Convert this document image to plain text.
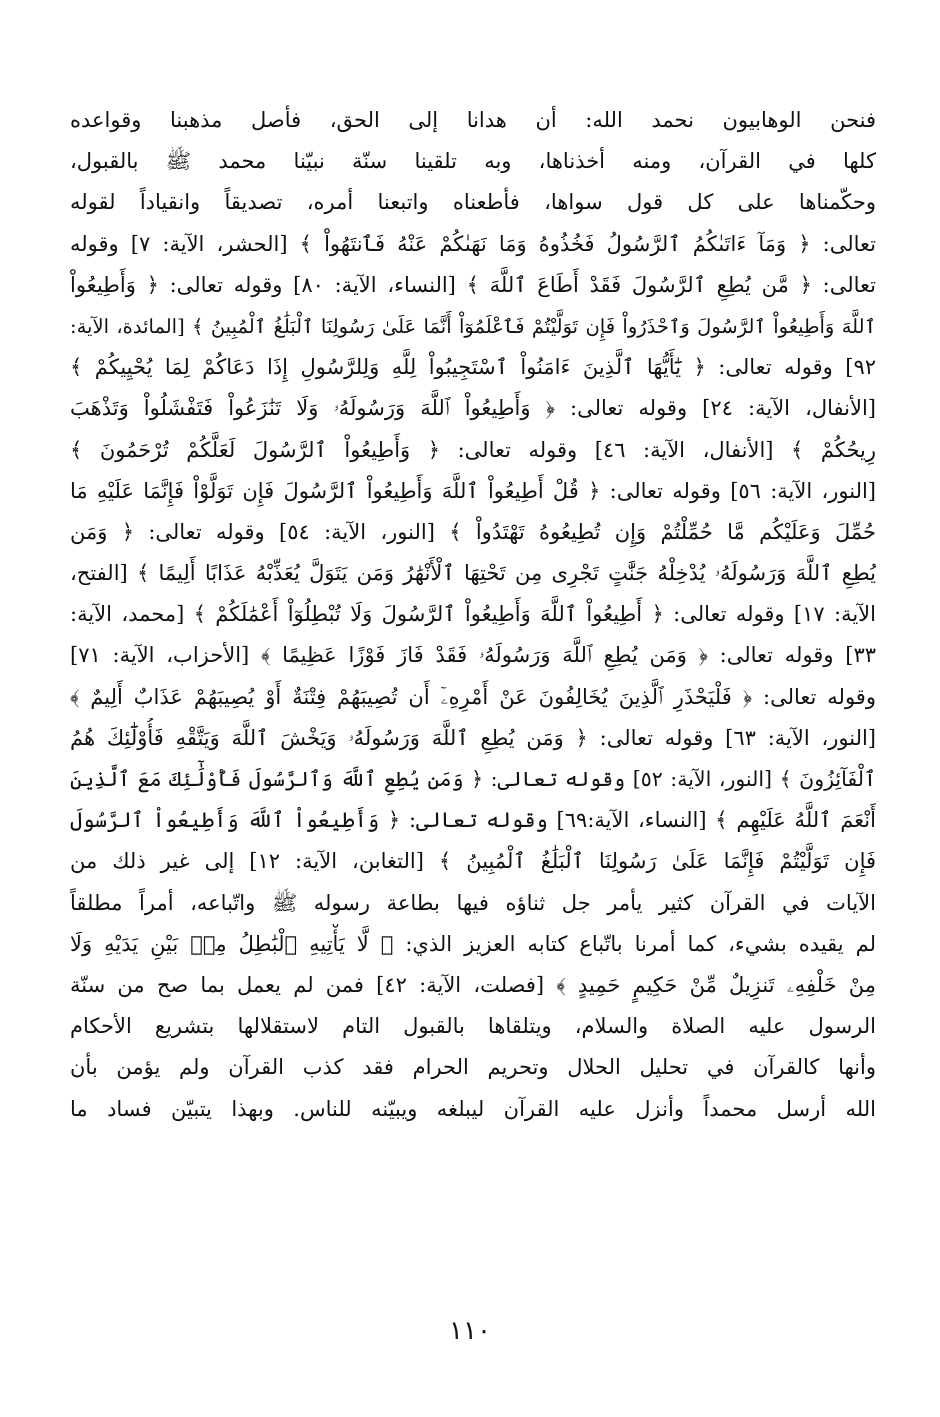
فنحن الوهابيون نحمد الله: أن هدانا إلى الحق، فأصل مذهبنا وقواعده
كلها في القرآن، ومنه أخذناها، وبه تلقينا سنّة نبيّنا محمد ﷺ بالقبول،
وحكّمناها على كل قول سواها، فأطعناه واتبعنا أمره، تصديقاً وانقياداً لقوله
تعالى: ﴿ وَمَآ ءَاتَىٰكُمُ ٱلرَّسُولُ فَخُذُوهُ وَمَا نَهَىٰكُمْ عَنْهُ فَٱنتَهُواْ ﴾ [الحشر، الآية: ٧] وقوله
تعالى: ﴿ مَّن يُطِعِ ٱلرَّسُولَ فَقَدْ أَطَاعَ ٱللَّهَ ﴾ [النساء، الآية: ٨٠] وقوله تعالى: ﴿ وَأَطِيعُواْ
ٱللَّهَ وَأَطِيعُواْ ٱلرَّسُولَ وَٱحْذَرُواْ فَإِن تَوَلَّيْتُمْ فَٱعْلَمُوٓاْ أَنَّمَا عَلَىٰ رَسُولِنَا ٱلْبَلَٰغُ ٱلْمُبِينُ ﴾ [المائدة، الآية:
٩٢] وقوله تعالى: ﴿ يَٰٓأَيُّهَا ٱلَّذِينَ ءَامَنُواْ ٱسْتَجِيبُواْ لِلَّهِ وَلِلرَّسُولِ إِذَا دَعَاكُمْ لِمَا يُحْيِيكُمْ ﴾
[الأنفال، الآية: ٢٤] وقوله تعالى: ﴿ وَأَطِيعُواْ ٱللَّهَ وَرَسُولَهُۥ وَلَا تَنَٰزَعُواْ فَتَفْشَلُواْ وَتَذْهَبَ
رِيحُكُمْ ﴾ [الأنفال، الآية: ٤٦] وقوله تعالى: ﴿ وَأَطِيعُواْ ٱلرَّسُولَ لَعَلَّكُمْ تُرْحَمُونَ ﴾
[النور، الآية: ٥٦] وقوله تعالى: ﴿ قُلْ أَطِيعُواْ ٱللَّهَ وَأَطِيعُواْ ٱلرَّسُولَ فَإِن تَوَلَّوْاْ فَإِنَّمَا عَلَيْهِ مَا
حُمِّلَ وَعَلَيْكُم مَّا حُمِّلْتُمْ وَإِن تُطِيعُوهُ تَهْتَدُواْ ﴾ [النور، الآية: ٥٤] وقوله تعالى: ﴿ وَمَن
يُطِعِ ٱللَّهَ وَرَسُولَهُۥ يُدْخِلْهُ جَنَّٰتٍ تَجْرِى مِن تَحْتِهَا ٱلْأَنْهَٰرُ وَمَن يَتَوَلَّ يُعَذِّبْهُ عَذَابًا أَلِيمًا ﴾ [الفتح،
الآية: ١٧] وقوله تعالى: ﴿ أَطِيعُواْ ٱللَّهَ وَأَطِيعُواْ ٱلرَّسُولَ وَلَا تُبْطِلُوٓاْ أَعْمَٰلَكُمْ ﴾ [محمد، الآية:
٣٣] وقوله تعالى: ﴿ وَمَن يُطِعِ ٱللَّهَ وَرَسُولَهُۥ فَقَدْ فَازَ فَوْزًا عَظِيمًا ﴾ [الأحزاب، الآية: ٧١]
وقوله تعالى: ﴿ فَلْيَحْذَرِ ٱلَّذِينَ يُخَالِفُونَ عَنْ أَمْرِهِۦٓ أَن تُصِيبَهُمْ فِتْنَةٌ أَوْ يُصِيبَهُمْ عَذَابٌ أَلِيمٌ ﴾
[النور، الآية: ٦٣] وقوله تعالى: ﴿ وَمَن يُطِعِ ٱللَّهَ وَرَسُولَهُۥ وَيَخْشَ ٱللَّهَ وَيَتَّقْهِ فَأُوْلَٰٓئِكَ هُمُ
ٱلْفَآئِزُونَ ﴾ [النور، الآية: ٥٢] وقوله تعالى: ﴿ وَمَن يُطِعِ ٱللَّهَ وَٱلرَّسُولَ فَأُوْلَٰٓئِكَ مَعَ ٱلَّذِينَ
أَنْعَمَ ٱللَّهُ عَلَيْهِم ﴾ [النساء، الآية:٦٩] وقوله تعالى: ﴿ وَأَطِيعُواْ ٱللَّهَ وَأَطِيعُواْ ٱلرَّسُولَ
فَإِن تَوَلَّيْتُمْ فَإِنَّمَا عَلَىٰ رَسُولِنَا ٱلْبَلَٰغُ ٱلْمُبِينُ ﴾ [التغابن، الآية: ١٢] إلى غير ذلك من
الآيات في القرآن كثير يأمر جل ثناؤه فيها بطاعة رسوله ﷺ واتّباعه، أمراً مطلقاً
لم يقيده بشيء، كما أمرنا باتّباع كتابه العزيز الذي: ﴿ لَّا يَأْتِيهِ ٱلْبَٰطِلُ مِنۢ بَيْنِ يَدَيْهِ وَلَا
مِنْ خَلْفِهِۦ تَنزِيلٌ مِّنْ حَكِيمٍ حَمِيدٍ ﴾ [فصلت، الآية: ٤٢] فمن لم يعمل بما صح من سنّة
الرسول عليه الصلاة والسلام، ويتلقاها بالقبول التام لاستقلالها بتشريع الأحكام
وأنها كالقرآن في تحليل الحلال وتحريم الحرام فقد كذب القرآن ولم يؤمن بأن
الله أرسل محمداً وأنزل عليه القرآن ليبلغه ويبيّنه للناس. وبهذا يتبيّن فساد ما
١١٠
